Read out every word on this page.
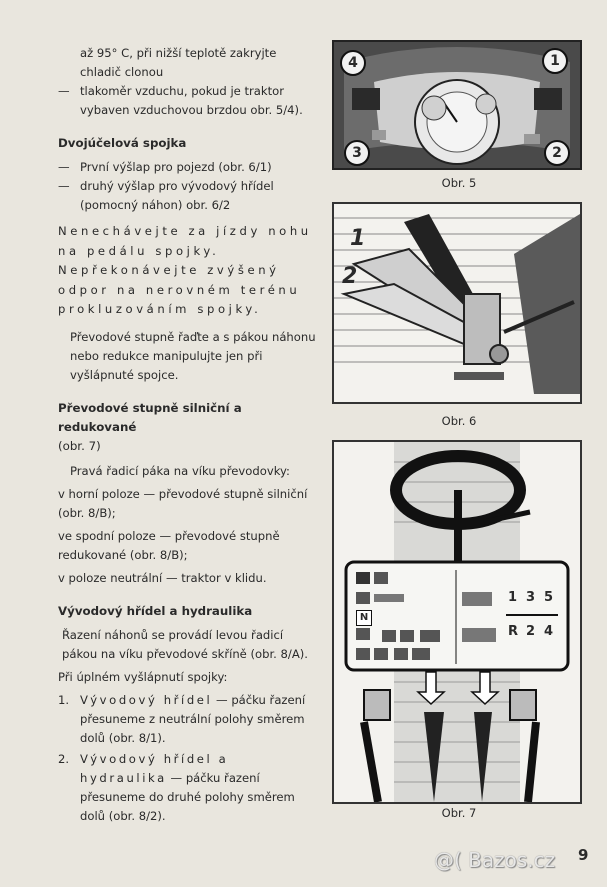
až 95° C, při nižší teplotě zakryjte chladič clonou

— tlakoměr vzduchu, pokud je traktor vybaven vzduchovou brzdou obr. 5/4).

Dvojúčelová spojka

— První výšlap pro pojezd (obr. 6/1)

— druhý výšlap pro vývodový hřídel (pomocný náhon) obr. 6/2

Nenechávejte za jízdy nohu na pedálu spojky. Nepřekonávejte zvýšený odpor na nerovném terénu prokluzováním spojky.

Převodové stupně řaďte a s pákou náhonu nebo redukce manipulujte jen při vyšlápnuté spojce.

Převodové stupně silniční a redukované
(obr. 7)

Pravá řadicí páka na víku převodovky:

v horní poloze — převodové stupně silniční (obr. 8/B);

ve spodní poloze — převodové stupně redukované (obr. 8/B);

v poloze neutrální — traktor v klidu.

Vývodový hřídel a hydraulika

Řazení náhonů se provádí levou řadicí pákou na víku převodové skříně (obr. 8/A).

Při úplném vyšlápnutí spojky:

1. Vývodový hřídel — páčku řazení přesuneme z neutrální polohy směrem dolů (obr. 8/1).

2. Vývodový hřídel a hydraulika — páčku řazení přesuneme do druhé polohy směrem dolů (obr. 8/2).

4	1
3	2
Obr. 5
1
2
Obr. 6
N
1 3 5
R 2 4
Obr. 7
@( Bazos.cz 9
